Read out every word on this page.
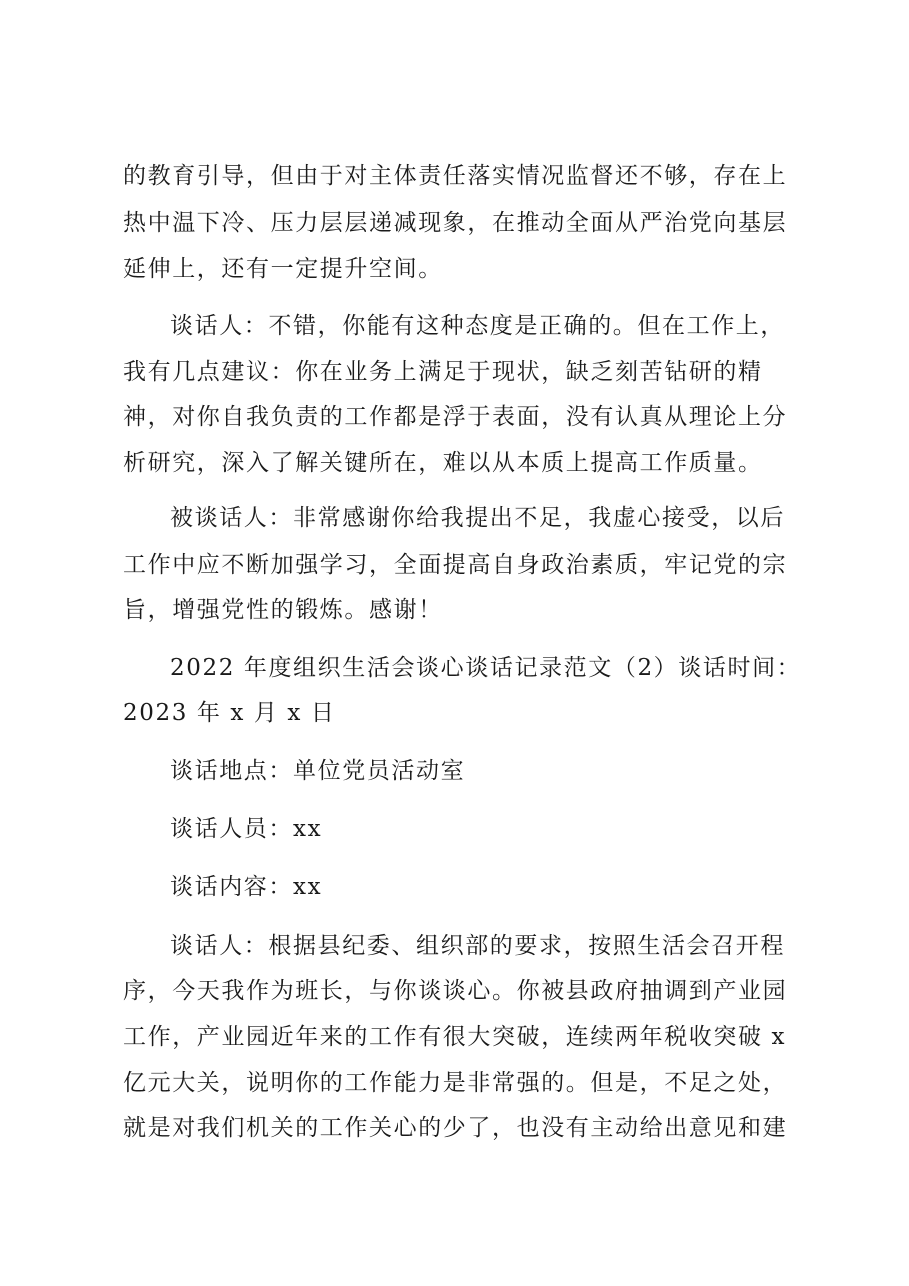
的教育引导，但由于对主体责任落实情况监督还不够，存在上
热中温下冷、压力层层递减现象，在推动全面从严治党向基层
延伸上，还有一定提升空间。
谈话人：不错，你能有这种态度是正确的。但在工作上，
我有几点建议：你在业务上满足于现状，缺乏刻苦钻研的精
神，对你自我负责的工作都是浮于表面，没有认真从理论上分
析研究，深入了解关键所在，难以从本质上提高工作质量。
被谈话人：非常感谢你给我提出不足，我虚心接受，以后
工作中应不断加强学习，全面提高自身政治素质，牢记党的宗
旨，增强党性的锻炼。感谢！
2022 年度组织生活会谈心谈话记录范文（2）谈话时间：
2023 年 x 月 x 日
谈话地点：单位党员活动室
谈话人员：xx
谈话内容：xx
谈话人：根据县纪委、组织部的要求，按照生活会召开程
序，今天我作为班长，与你谈谈心。你被县政府抽调到产业园
工作，产业园近年来的工作有很大突破，连续两年税收突破 x
亿元大关，说明你的工作能力是非常强的。但是，不足之处，
就是对我们机关的工作关心的少了，也没有主动给出意见和建
